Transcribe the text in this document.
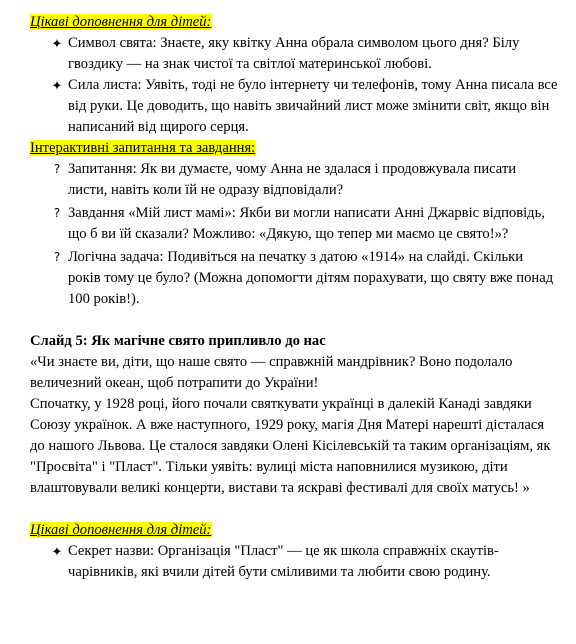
Цікаві доповнення для дітей:

✦ Символ свята: Знаєте, яку квітку Анна обрала символом цього дня? Білу гвоздику — на знак чистої та світлої материнської любові.
✦ Сила листа: Уявіть, тоді не було інтернету чи телефонів, тому Анна писала все від руки. Це доводить, що навіть звичайний лист може змінити світ, якщо він написаний від щирого серця.

Інтерактивні запитання та завдання:

? Запитання: Як ви думаєте, чому Анна не здалася і продовжувала писати листи, навіть коли їй не одразу відповідали?
? Завдання «Мій лист мамі»: Якби ви могли написати Анні Джарвіс відповідь, що б ви їй сказали? Можливо: «Дякую, що тепер ми маємо це свято!»?
? Логічна задача: Подивіться на печатку з датою «1914» на слайді. Скільки років тому це було? (Можна допомогти дітям порахувати, що святу вже понад 100 років!).

Слайд 5: Як магічне свято припливло до нас

«Чи знаєте ви, діти, що наше свято — справжній мандрівник? Воно подолало величезний океан, щоб потрапити до України!

Спочатку, у 1928 році, його почали святкувати українці в далекій Канаді завдяки Союзу українок. А вже наступного, 1929 року, магія Дня Матері нарешті дісталася до нашого Львова. Це сталося завдяки Олені Кісілевській та таким організаціям, як "Просвіта" і "Пласт". Тільки уявіть: вулиці міста наповнилися музикою, діти влаштовували великі концерти, вистави та яскраві фестивалі для своїх матусь! »

Цікаві доповнення для дітей:

✦ Секрет назви: Організація "Пласт" — це як школа справжніх скаутів-чарівників, які вчили дітей бути сміливими та любити свою родину.
